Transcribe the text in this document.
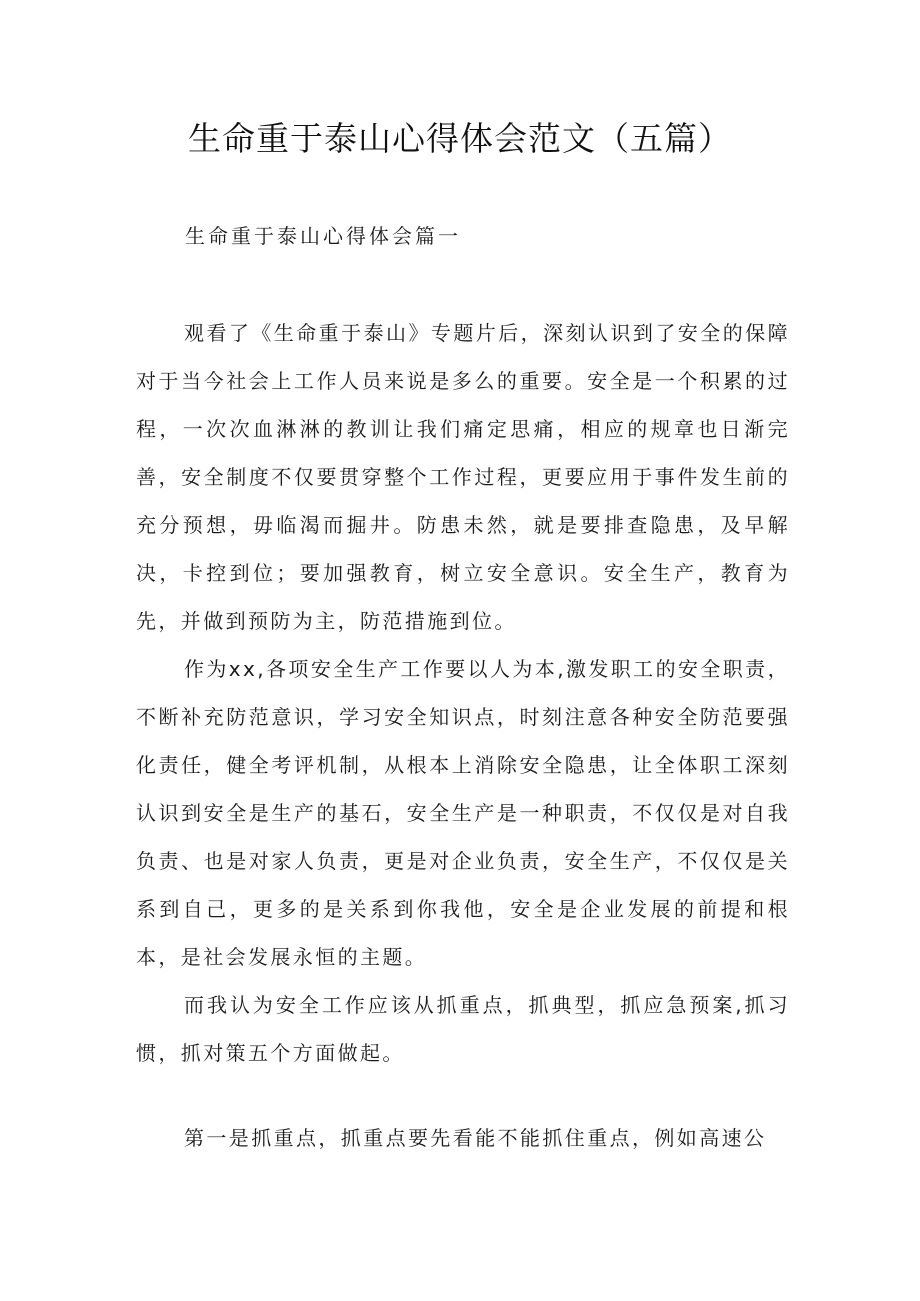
生命重于泰山心得体会范文（五篇）
生命重于泰山心得体会篇一

观看了《生命重于泰山》专题片后，深刻认识到了安全的保障对于当今社会上工作人员来说是多么的重要。安全是一个积累的过程，一次次血淋淋的教训让我们痛定思痛，相应的规章也日渐完善，安全制度不仅要贯穿整个工作过程，更要应用于事件发生前的充分预想，毋临渴而掘井。防患未然，就是要排查隐患，及早解决，卡控到位；要加强教育，树立安全意识。安全生产，教育为先，并做到预防为主，防范措施到位。

作为xx,各项安全生产工作要以人为本,激发职工的安全职责，不断补充防范意识，学习安全知识点，时刻注意各种安全防范要强化责任，健全考评机制，从根本上消除安全隐患，让全体职工深刻认识到安全是生产的基石，安全生产是一种职责，不仅仅是对自我负责、也是对家人负责，更是对企业负责，安全生产，不仅仅是关系到自己，更多的是关系到你我他，安全是企业发展的前提和根本，是社会发展永恒的主题。

而我认为安全工作应该从抓重点，抓典型，抓应急预案,抓习惯，抓对策五个方面做起。

第一是抓重点，抓重点要先看能不能抓住重点，例如高速公
